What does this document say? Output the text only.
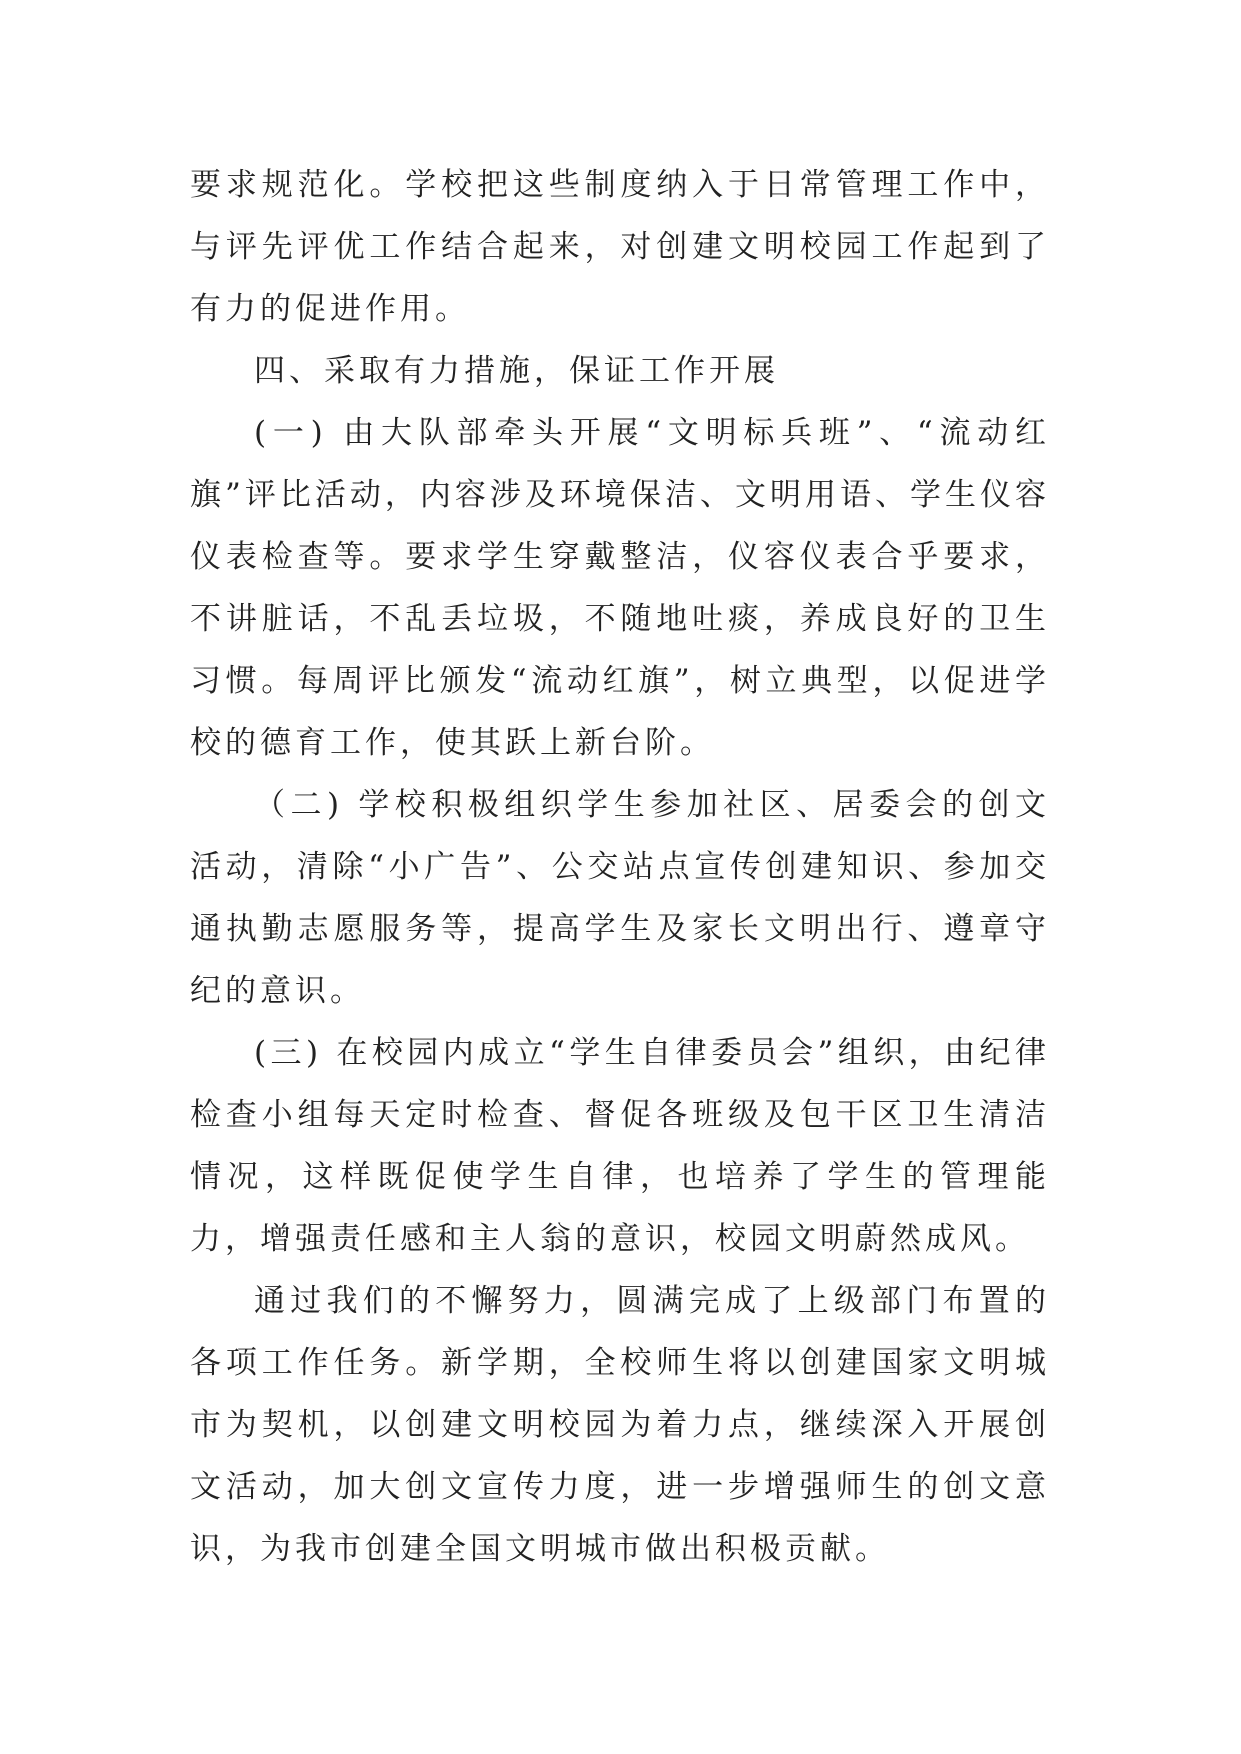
要求规范化。学校把这些制度纳入于日常管理工作中，与评先评优工作结合起来，对创建文明校园工作起到了有力的促进作用。

四、采取有力措施，保证工作开展

(一) 由大队部牵头开展“文明标兵班”、“流动红旗”评比活动，内容涉及环境保洁、文明用语、学生仪容仪表检查等。要求学生穿戴整洁，仪容仪表合乎要求，不讲脏话，不乱丢垃圾，不随地吐痰，养成良好的卫生习惯。每周评比颁发“流动红旗”，树立典型，以促进学校的德育工作，使其跃上新台阶。

（二) 学校积极组织学生参加社区、居委会的创文活动，清除“小广告”、公交站点宣传创建知识、参加交通执勤志愿服务等，提高学生及家长文明出行、遵章守纪的意识。

(三) 在校园内成立“学生自律委员会”组织，由纪律检查小组每天定时检查、督促各班级及包干区卫生清洁情况，这样既促使学生自律，也培养了学生的管理能力，增强责任感和主人翁的意识，校园文明蔚然成风。

通过我们的不懈努力，圆满完成了上级部门布置的各项工作任务。新学期，全校师生将以创建国家文明城市为契机，以创建文明校园为着力点，继续深入开展创文活动，加大创文宣传力度，进一步增强师生的创文意识，为我市创建全国文明城市做出积极贡献。
